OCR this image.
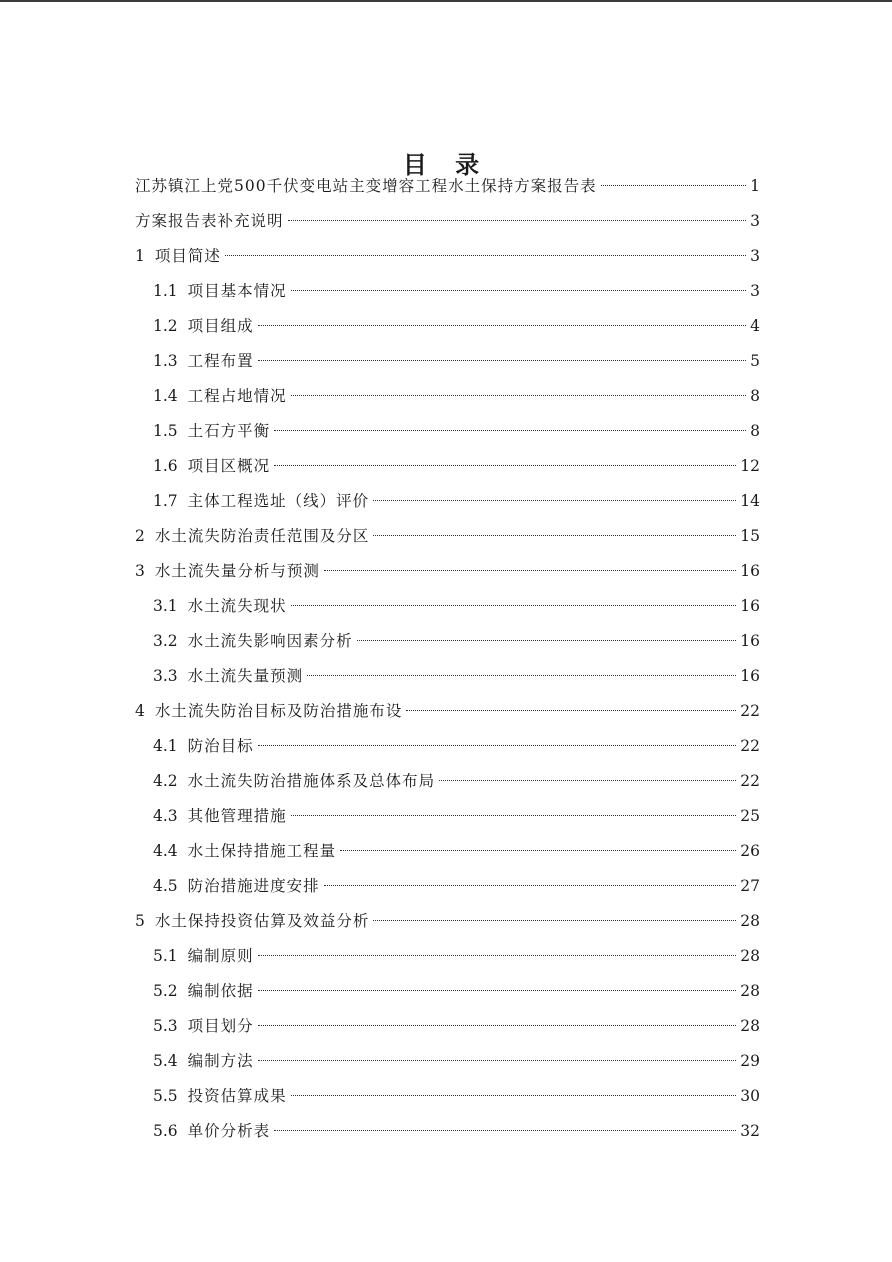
目 录
江苏镇江上党500千伏变电站主变增容工程水土保持方案报告表	1
方案报告表补充说明	3
1 项目简述	3
1.1 项目基本情况	3
1.2 项目组成	4
1.3 工程布置	5
1.4 工程占地情况	8
1.5 土石方平衡	8
1.6 项目区概况	12
1.7 主体工程选址（线）评价	14
2 水土流失防治责任范围及分区	15
3 水土流失量分析与预测	16
3.1 水土流失现状	16
3.2 水土流失影响因素分析	16
3.3 水土流失量预测	16
4 水土流失防治目标及防治措施布设	22
4.1 防治目标	22
4.2 水土流失防治措施体系及总体布局	22
4.3 其他管理措施	25
4.4 水土保持措施工程量	26
4.5 防治措施进度安排	27
5 水土保持投资估算及效益分析	28
5.1 编制原则	28
5.2 编制依据	28
5.3 项目划分	28
5.4 编制方法	29
5.5 投资估算成果	30
5.6 单价分析表	32
